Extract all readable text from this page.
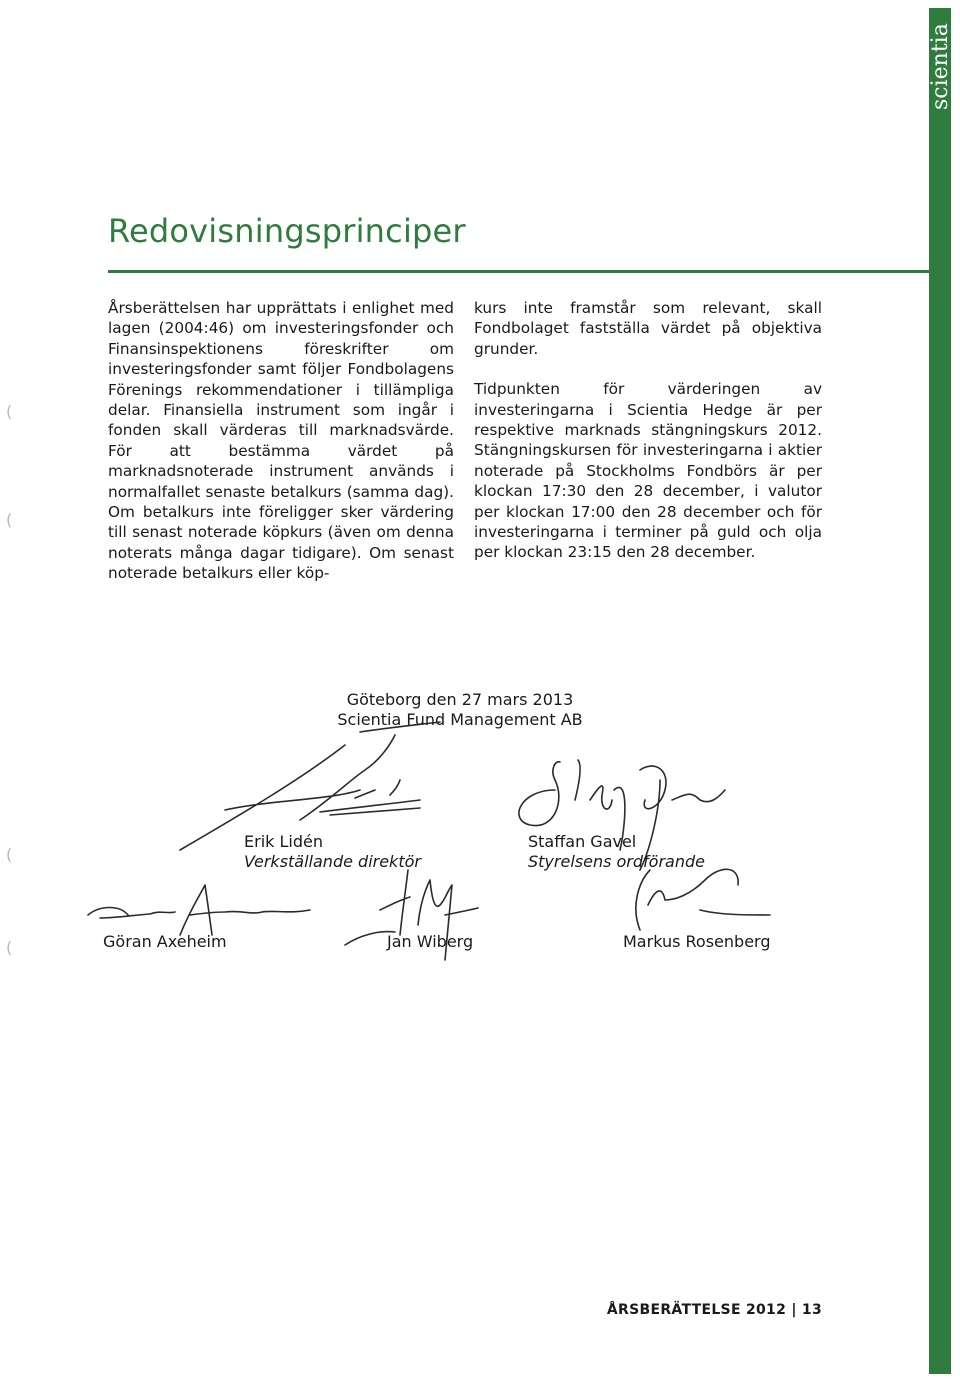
scientia
(
(
(
(
Redovisningsprinciper

Årsberättelsen har upprättats i enlighet med lagen (2004:46) om investeringsfonder och Finansinspektionens föreskrifter om investeringsfonder samt följer Fondbolagens Förenings rekommendationer i tillämpliga delar. Finansiella instrument som ingår i fonden skall värderas till marknadsvärde. För att bestämma värdet på marknadsnoterade instrument används i normalfallet senaste betalkurs (samma dag). Om betalkurs inte föreligger sker värdering till senast noterade köpkurs (även om denna noterats många dagar tidigare). Om senast noterade betalkurs eller köp-

kurs inte framstår som relevant, skall Fondbolaget fastställa värdet på objektiva grunder.

Tidpunkten för värderingen av investeringarna i Scientia Hedge är per respektive marknads stängningskurs 2012. Stängningskursen för investeringarna i aktier noterade på Stockholms Fondbörs är per klockan 17:30 den 28 december, i valutor per klockan 17:00 den 28 december och för investeringarna i terminer på guld och olja per klockan 23:15 den 28 december.

Göteborg den 27 mars 2013
Scientia Fund Management AB
Erik Lidén
Verkställande direktör
Staffan Gavel
Styrelsens ordförande
Göran Axeheim	Jan Wiberg	Markus Rosenberg
ÅRSBERÄTTELSE 2012 | 13
